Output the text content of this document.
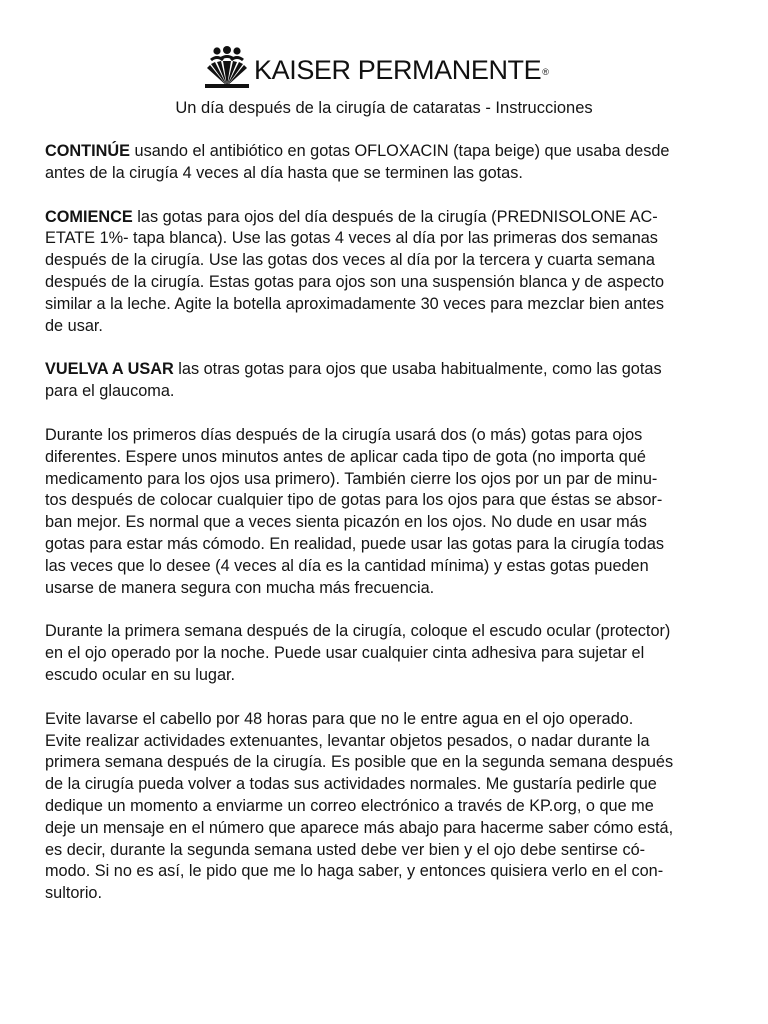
KAISER PERMANENTE®
Un día después de la cirugía de cataratas - Instrucciones

CONTINÚE usando el antibiótico en gotas OFLOXACIN (tapa beige) que usaba desde
antes de la cirugía 4 veces al día hasta que se terminen las gotas.

COMIENCE las gotas para ojos del día después de la cirugía (PREDNISOLONE AC-
ETATE 1%- tapa blanca). Use las gotas 4 veces al día por las primeras dos semanas
después de la cirugía. Use las gotas dos veces al día por la tercera y cuarta semana
después de la cirugía. Estas gotas para ojos son una suspensión blanca y de aspecto
similar a la leche. Agite la botella aproximadamente 30 veces para mezclar bien antes
de usar.

VUELVA A USAR las otras gotas para ojos que usaba habitualmente, como las gotas
para el glaucoma.

Durante los primeros días después de la cirugía usará dos (o más) gotas para ojos
diferentes. Espere unos minutos antes de aplicar cada tipo de gota (no importa qué
medicamento para los ojos usa primero). También cierre los ojos por un par de minu-
tos después de colocar cualquier tipo de gotas para los ojos para que éstas se absor-
ban mejor. Es normal que a veces sienta picazón en los ojos. No dude en usar más
gotas para estar más cómodo. En realidad, puede usar las gotas para la cirugía todas
las veces que lo desee (4 veces al día es la cantidad mínima) y estas gotas pueden
usarse de manera segura con mucha más frecuencia.

Durante la primera semana después de la cirugía, coloque el escudo ocular (protector)
en el ojo operado por la noche. Puede usar cualquier cinta adhesiva para sujetar el
escudo ocular en su lugar.

Evite lavarse el cabello por 48 horas para que no le entre agua en el ojo operado.
Evite realizar actividades extenuantes, levantar objetos pesados, o nadar durante la
primera semana después de la cirugía. Es posible que en la segunda semana después
de la cirugía pueda volver a todas sus actividades normales. Me gustaría pedirle que
dedique un momento a enviarme un correo electrónico a través de KP.org, o que me
deje un mensaje en el número que aparece más abajo para hacerme saber cómo está,
es decir, durante la segunda semana usted debe ver bien y el ojo debe sentirse có-
modo. Si no es así, le pido que me lo haga saber, y entonces quisiera verlo en el con-
sultorio.
